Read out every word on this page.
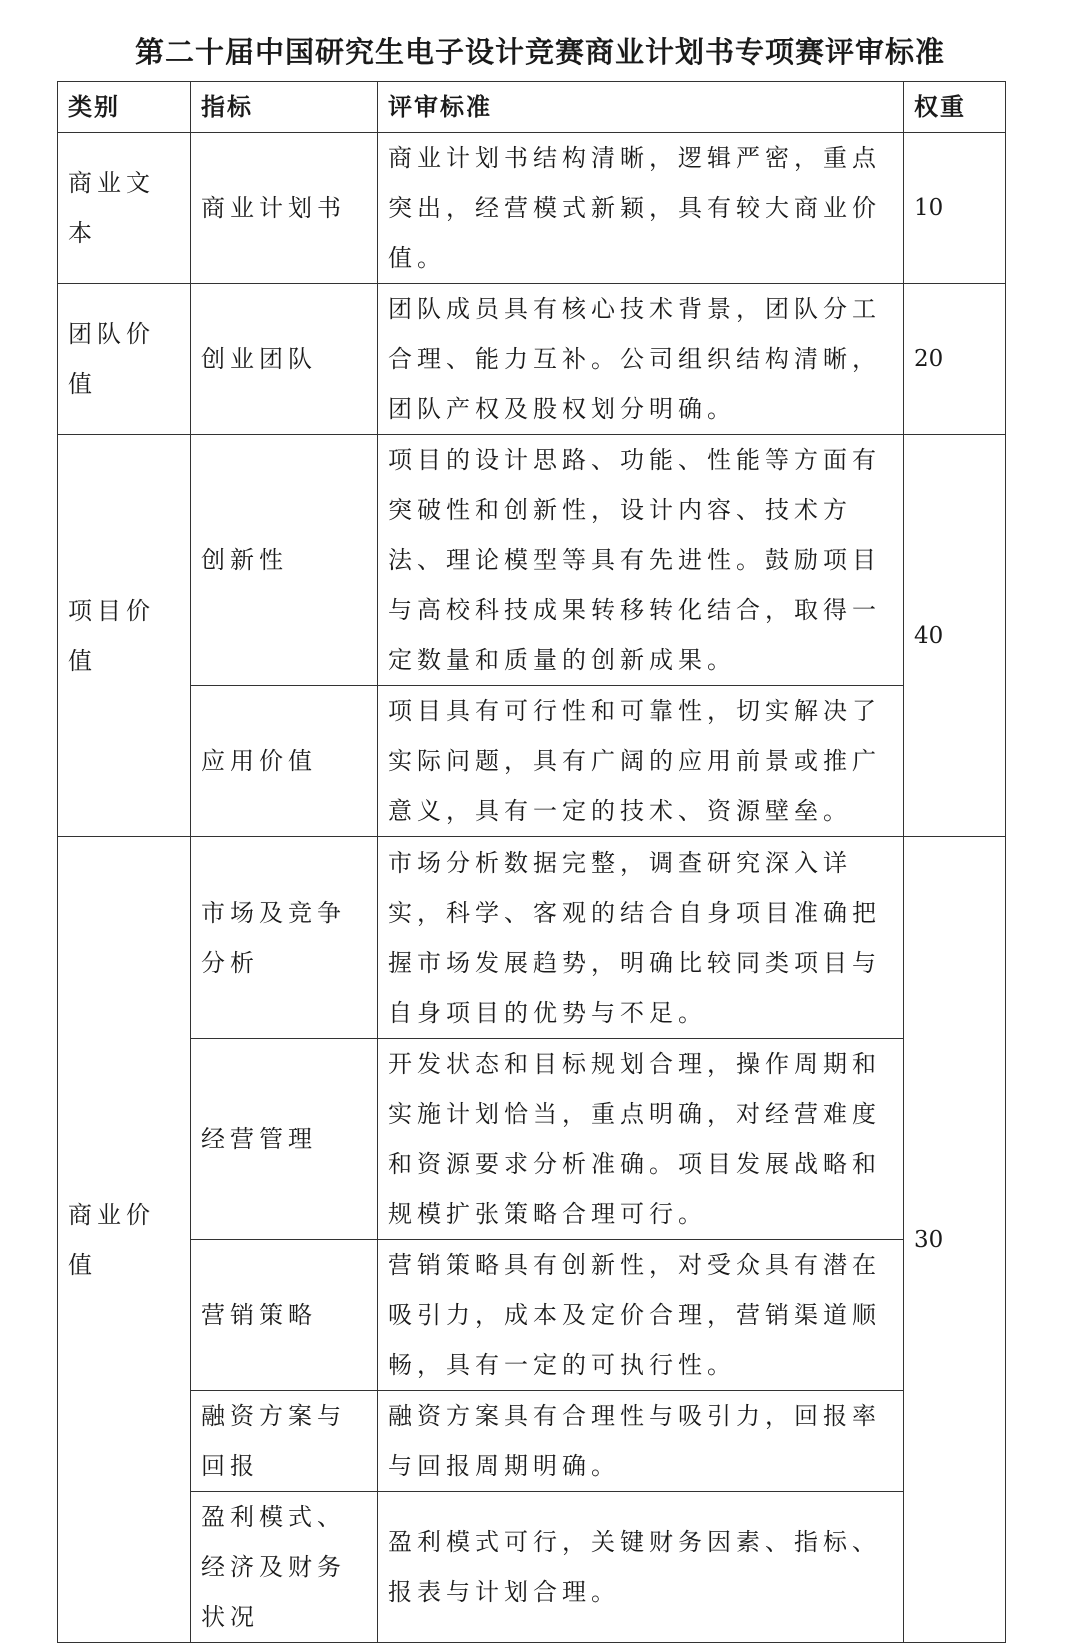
第二十届中国研究生电子设计竞赛商业计划书专项赛评审标准
类别	指标	评审标准	权重
商业文本	商业计划书	商业计划书结构清晰，逻辑严密，重点突出，经营模式新颖，具有较大商业价值。	10
团队价值	创业团队	团队成员具有核心技术背景，团队分工合理、能力互补。公司组织结构清晰，团队产权及股权划分明确。	20
项目价值	创新性	项目的设计思路、功能、性能等方面有突破性和创新性，设计内容、技术方法、理论模型等具有先进性。鼓励项目与高校科技成果转移转化结合，取得一定数量和质量的创新成果。	40
	应用价值	项目具有可行性和可靠性，切实解决了实际问题，具有广阔的应用前景或推广意义，具有一定的技术、资源壁垒。	
商业价值	市场及竞争分析	市场分析数据完整，调查研究深入详实，科学、客观的结合自身项目准确把握市场发展趋势，明确比较同类项目与自身项目的优势与不足。	30
	经营管理	开发状态和目标规划合理，操作周期和实施计划恰当，重点明确，对经营难度和资源要求分析准确。项目发展战略和规模扩张策略合理可行。	
	营销策略	营销策略具有创新性，对受众具有潜在吸引力，成本及定价合理，营销渠道顺畅，具有一定的可执行性。	
	融资方案与回报	融资方案具有合理性与吸引力，回报率与回报周期明确。	
	盈利模式、经济及财务状况	盈利模式可行，关键财务因素、指标、报表与计划合理。	
